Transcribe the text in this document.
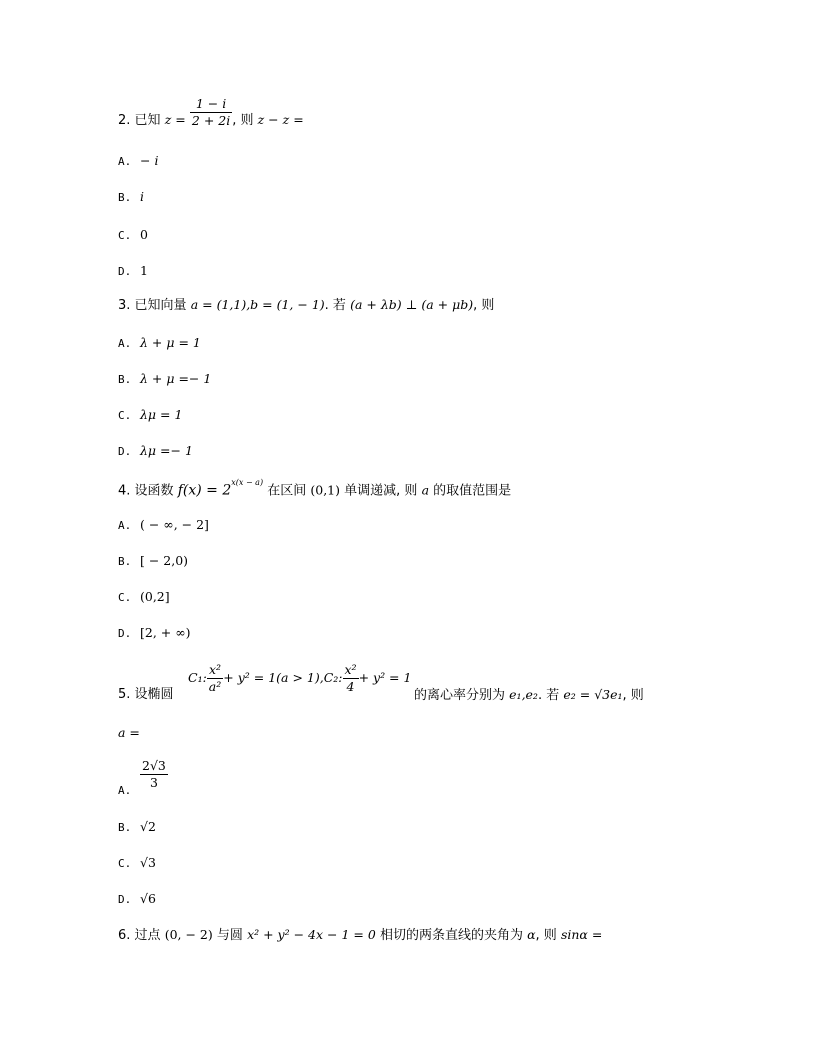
2. 已知 $z = \frac{1 - i}{2 + 2i}$ , 则 z − z =
A. − i
B. i
C. 0
D. 1
3. 已知向量 a = (1,1),b = (1, − 1). 若 (a + λb) ⊥ (a + μb), 则
A. λ + μ = 1
B. λ + μ =− 1
C. λμ = 1
D. λμ =− 1
4. 设函数 $f(x) = 2^{x(x - a)}$ 在区间 (0,1) 单调递减, 则 a 的取值范围是
A. ( − ∞, − 2]
B. [ − 2,0)
C. (0,2]
D. [2, + ∞)
5. 设椭圆
C₁: $\frac{\text{x²}}{\text{a²}} + y^2 = 1(a > 1),C_2$: $\frac{\text{x²}}{4} + y^2 = 1$
的离心率分别为 e₁,e₂. 若 e₂ = √3e₁, 则
a =
A. $\frac{2√3}{3}$
B. √2
C. √3
D. √6
6. 过点 (0, − 2) 与圆 x² + y² − 4x − 1 = 0 相切的两条直线的夹角为 α, 则 sinα =
